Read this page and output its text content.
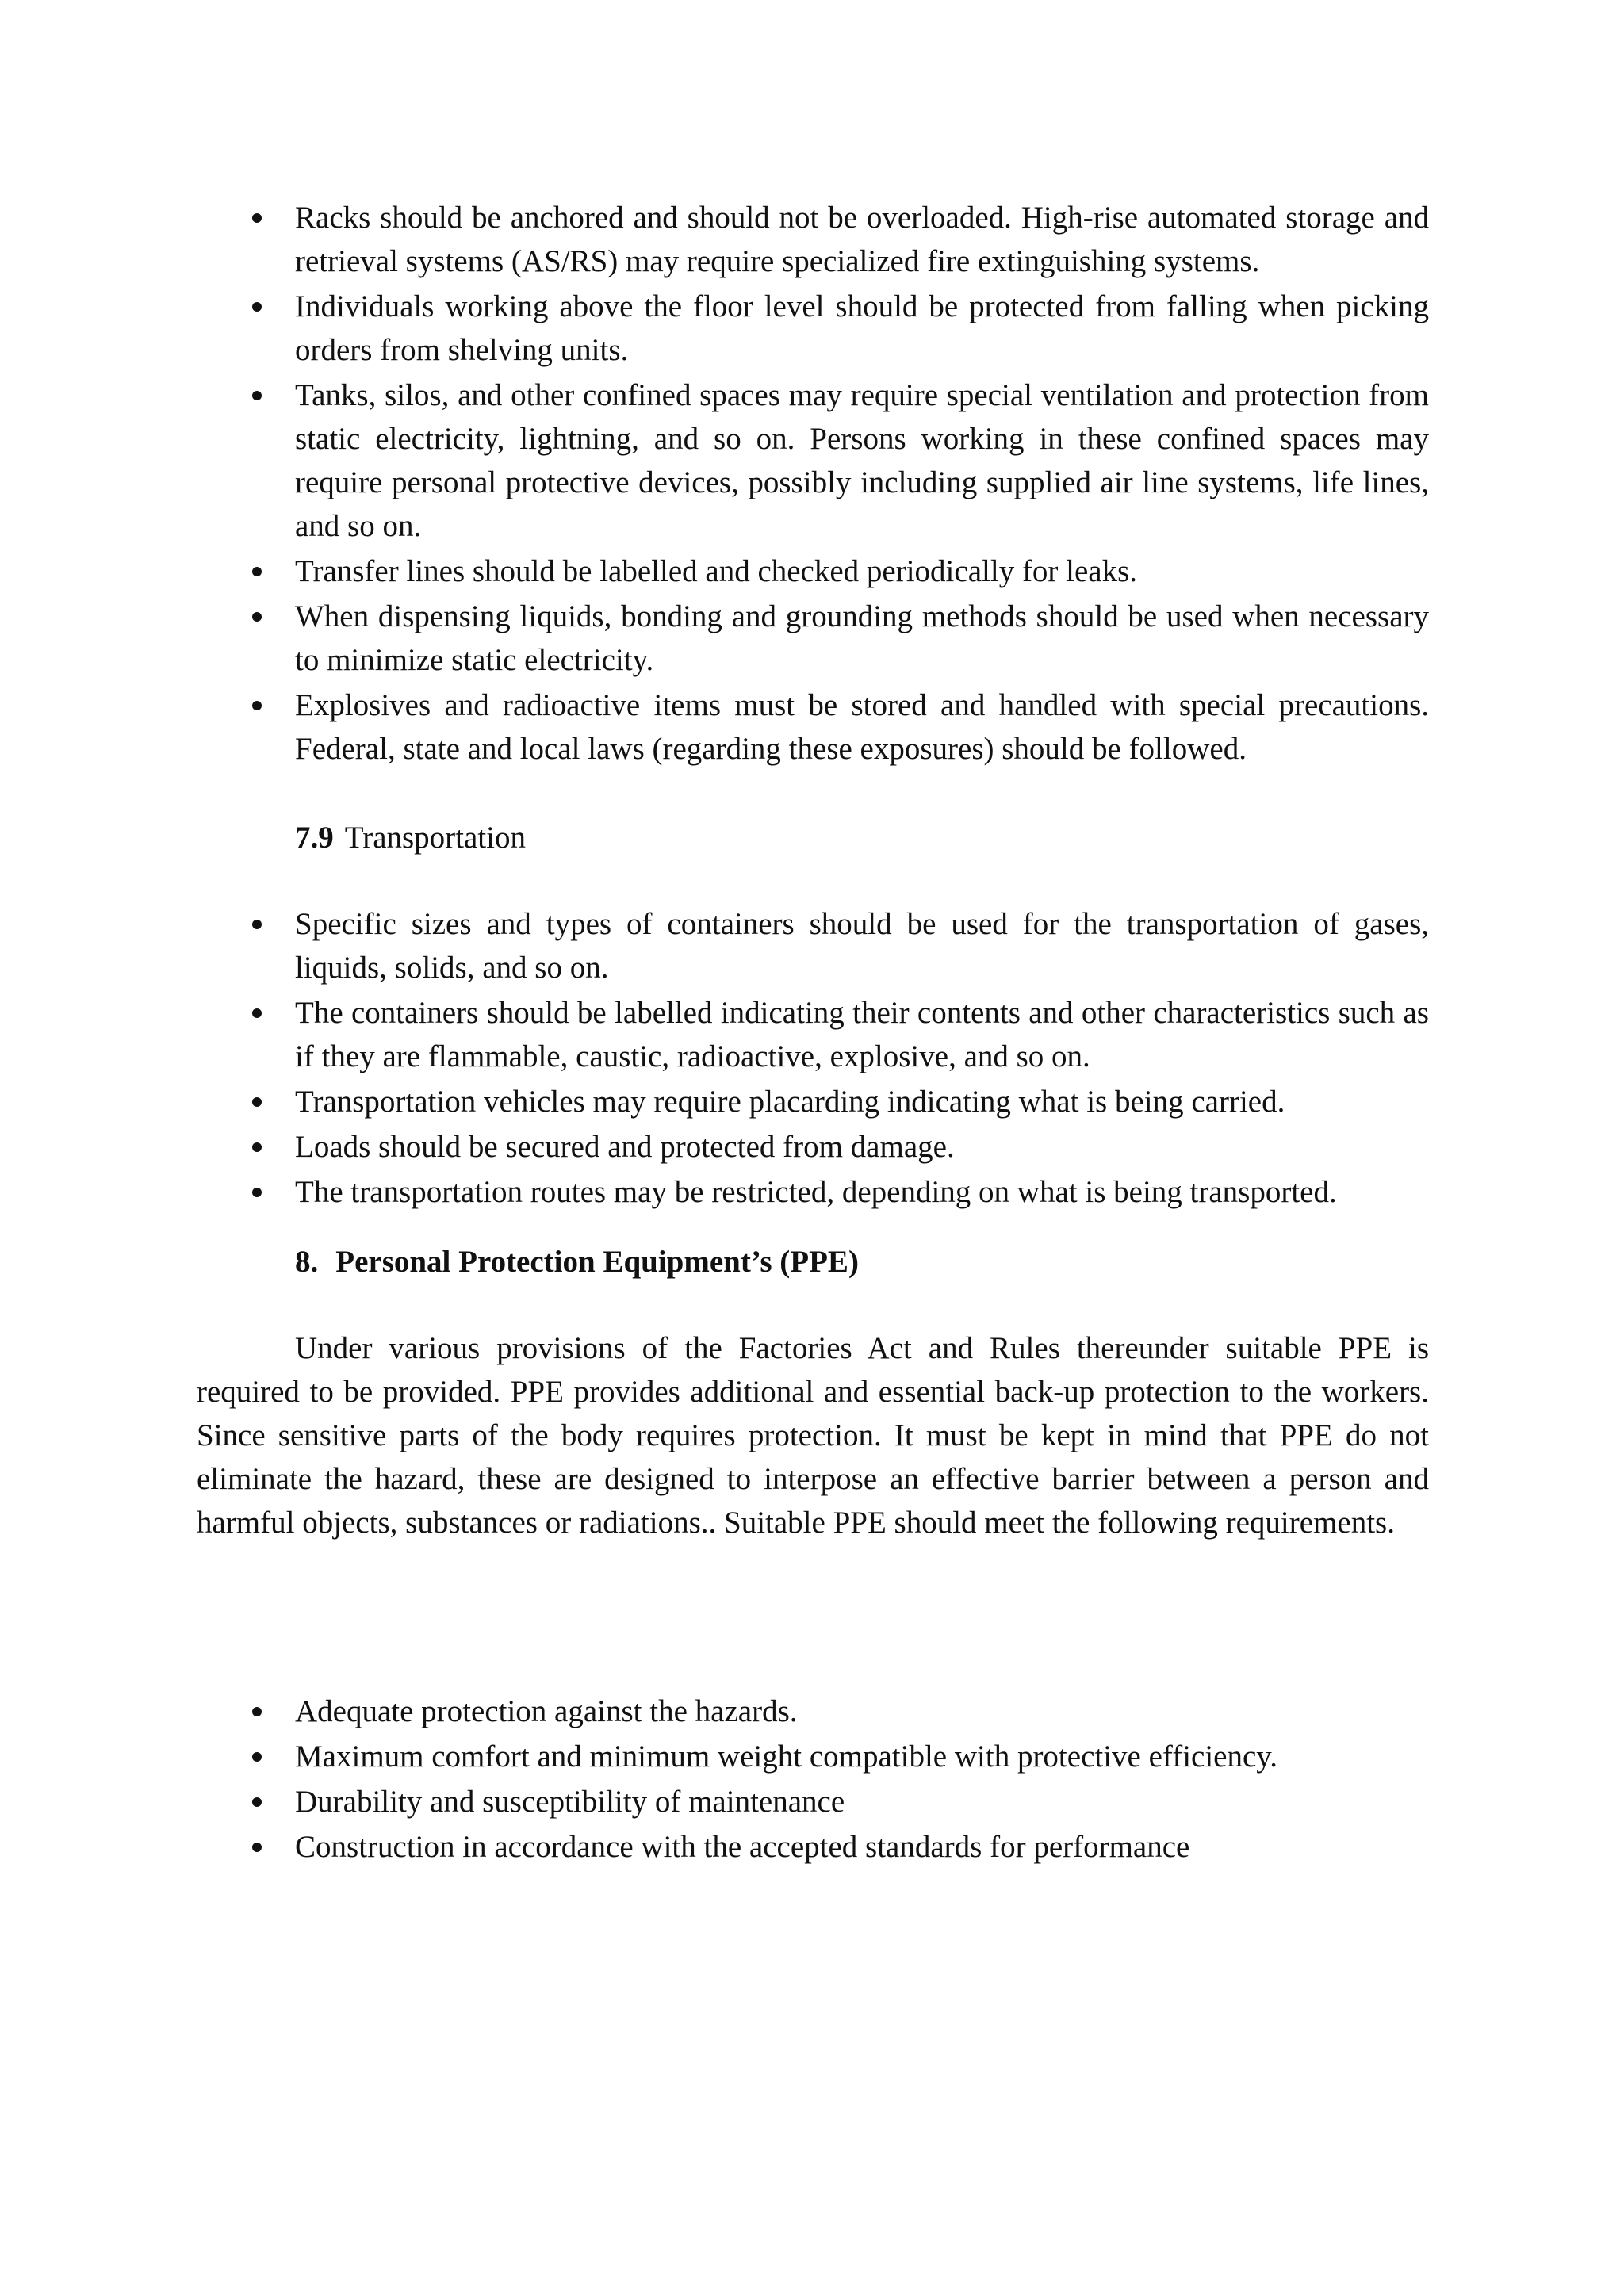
Racks should be anchored and should not be overloaded. High-rise automated storage and retrieval systems (AS/RS) may require specialized fire extinguishing systems.
Individuals working above the floor level should be protected from falling when picking orders from shelving units.
Tanks, silos, and other confined spaces may require special ventilation and protection from static electricity, lightning, and so on. Persons working in these confined spaces may require personal protective devices, possibly including supplied air line systems, life lines, and so on.
Transfer lines should be labelled and checked periodically for leaks.
When dispensing liquids, bonding and grounding methods should be used when necessary to minimize static electricity.
Explosives and radioactive items must be stored and handled with special precautions. Federal, state and local laws (regarding these exposures) should be followed.
7.9 Transportation
Specific sizes and types of containers should be used for the transportation of gases, liquids, solids, and so on.
The containers should be labelled indicating their contents and other characteristics such as if they are flammable, caustic, radioactive, explosive, and so on.
Transportation vehicles may require placarding indicating what is being carried.
Loads should be secured and protected from damage.
The transportation routes may be restricted, depending on what is being transported.
8. Personal Protection Equipment’s (PPE)

Under various provisions of the Factories Act and Rules thereunder suitable PPE is required to be provided. PPE provides additional and essential back-up protection to the workers. Since sensitive parts of the body requires protection. It must be kept in mind that PPE do not eliminate the hazard, these are designed to interpose an effective barrier between a person and harmful objects, substances or radiations.. Suitable PPE should meet the following requirements.

Adequate protection against the hazards.
Maximum comfort and minimum weight compatible with protective efficiency.
Durability and susceptibility of maintenance
Construction in accordance with the accepted standards for performance
